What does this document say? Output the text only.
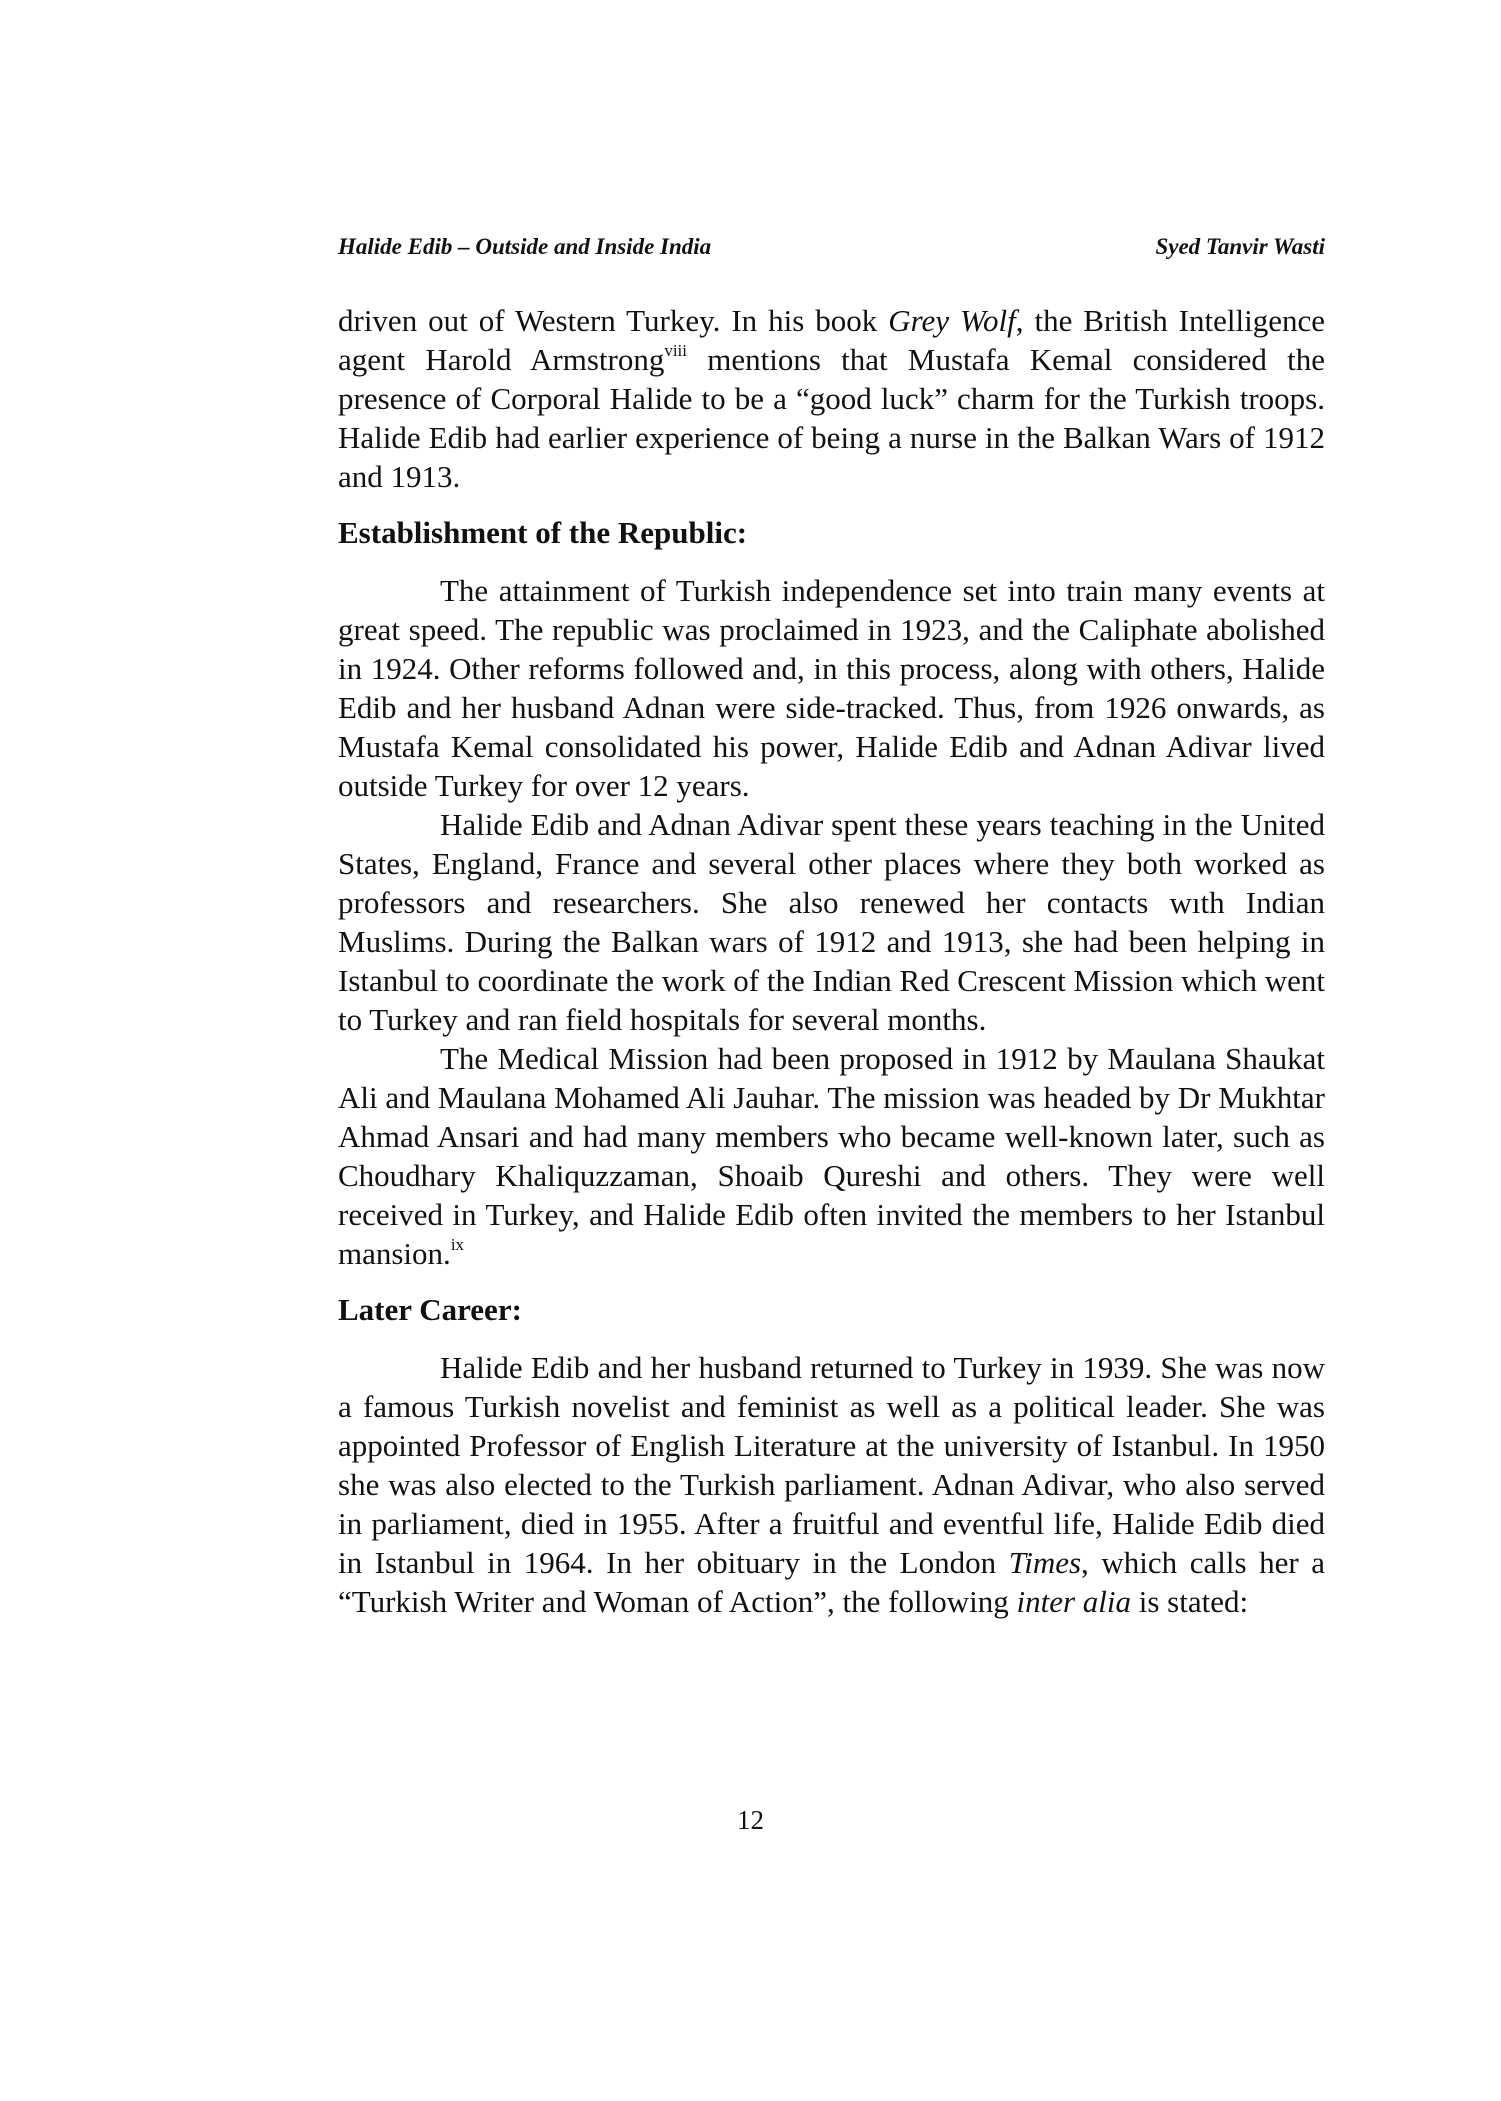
Halide Edib – Outside and Inside India	Syed Tanvir Wasti

driven out of Western Turkey. In his book Grey Wolf, the British Intelligence agent Harold Armstrong$^{viii}$ mentions that Mustafa Kemal considered the presence of Corporal Halide to be a “good luck” charm for the Turkish troops. Halide Edib had earlier experience of being a nurse in the Balkan Wars of 1912 and 1913.

Establishment of the Republic:

The attainment of Turkish independence set into train many events at great speed. The republic was proclaimed in 1923, and the Caliphate abolished in 1924. Other reforms followed and, in this process, along with others, Halide Edib and her husband Adnan were side-tracked. Thus, from 1926 onwards, as Mustafa Kemal consolidated his power, Halide Edib and Adnan Adivar lived outside Turkey for over 12 years.

Halide Edib and Adnan Adivar spent these years teaching in the United States, England, France and several other places where they both worked as professors and researchers. She also renewed her contacts wıth Indian Muslims. During the Balkan wars of 1912 and 1913, she had been helping in Istanbul to coordinate the work of the Indian Red Crescent Mission which went to Turkey and ran field hospitals for several months.

The Medical Mission had been proposed in 1912 by Maulana Shaukat Ali and Maulana Mohamed Ali Jauhar. The mission was headed by Dr Mukhtar Ahmad Ansari and had many members who became well-known later, such as Choudhary Khaliquzzaman, Shoaib Qureshi and others. They were well received in Turkey, and Halide Edib often invited the members to her Istanbul mansion.$^{ix}$

Later Career:

Halide Edib and her husband returned to Turkey in 1939. She was now a famous Turkish novelist and feminist as well as a political leader. She was appointed Professor of English Literature at the university of Istanbul. In 1950 she was also elected to the Turkish parliament. Adnan Adivar, who also served in parliament, died in 1955. After a fruitful and eventful life, Halide Edib died in Istanbul in 1964. In her obituary in the London Times, which calls her a “Turkish Writer and Woman of Action”, the following inter alia is stated:

12
